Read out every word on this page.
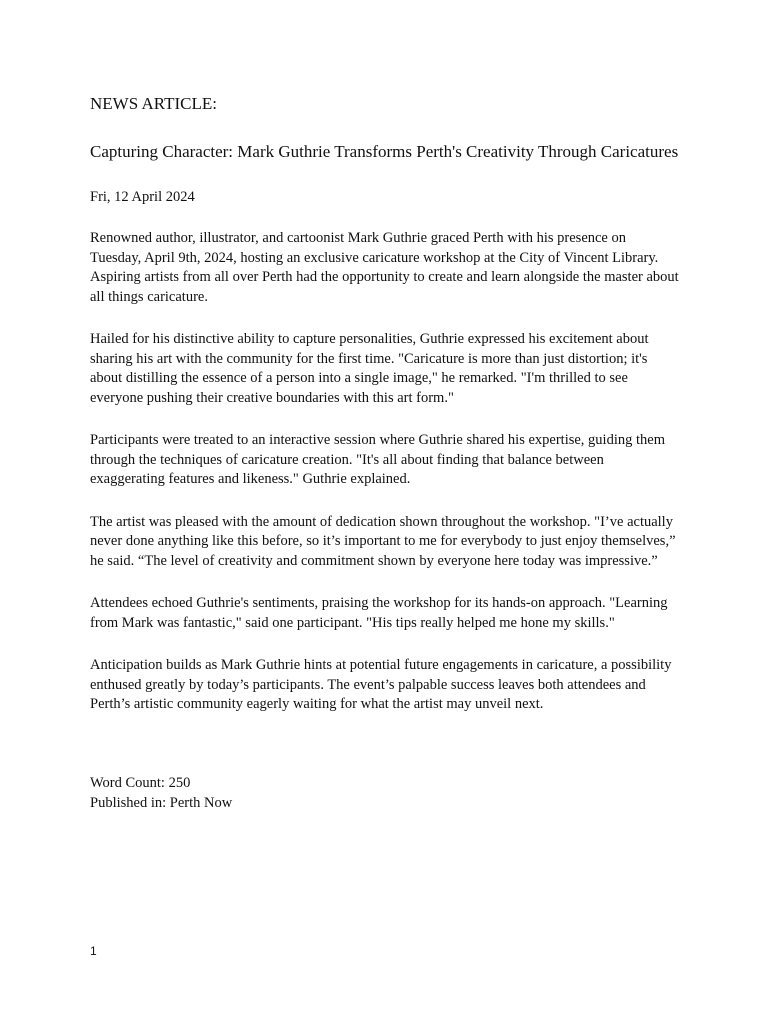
NEWS ARTICLE:
Capturing Character: Mark Guthrie Transforms Perth's Creativity Through Caricatures
Fri, 12 April 2024

Renowned author, illustrator, and cartoonist Mark Guthrie graced Perth with his presence on Tuesday, April 9th, 2024, hosting an exclusive caricature workshop at the City of Vincent Library. Aspiring artists from all over Perth had the opportunity to create and learn alongside the master about all things caricature.

Hailed for his distinctive ability to capture personalities, Guthrie expressed his excitement about sharing his art with the community for the first time. "Caricature is more than just distortion; it's about distilling the essence of a person into a single image," he remarked. "I'm thrilled to see everyone pushing their creative boundaries with this art form."

Participants were treated to an interactive session where Guthrie shared his expertise, guiding them through the techniques of caricature creation. "It's all about finding that balance between exaggerating features and likeness." Guthrie explained.

The artist was pleased with the amount of dedication shown throughout the workshop. "I’ve actually never done anything like this before, so it’s important to me for everybody to just enjoy themselves,” he said. “The level of creativity and commitment shown by everyone here today was impressive.”

Attendees echoed Guthrie's sentiments, praising the workshop for its hands-on approach. "Learning from Mark was fantastic," said one participant. "His tips really helped me hone my skills."

Anticipation builds as Mark Guthrie hints at potential future engagements in caricature, a possibility enthused greatly by today’s participants. The event’s palpable success leaves both attendees and Perth’s artistic community eagerly waiting for what the artist may unveil next.

Word Count: 250
Published in: Perth Now
1
